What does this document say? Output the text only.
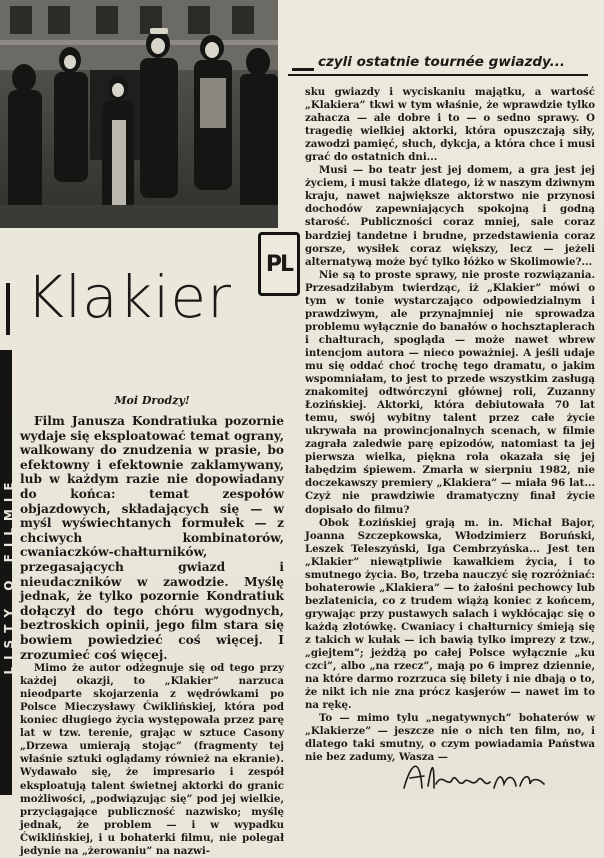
czyli ostatnie tournée gwiazdy...
PL
Klakier
LISTY O FILMIE
Moi Drodzy!

Film Janusza Kondratiuka pozornie wydaje się eksploatować temat ograny, walkowany do znudzenia w prasie, bo efektowny i efektownie zaklamywany, lub w każdym razie nie dopowiadany do końca: temat zespołów objazdowych, składających się — w myśl wyświechtanych formułek — z chciwych kombinatorów, cwaniaczków-chałturników, przegasających gwiazd i nieudaczników w zawodzie. Myślę jednak, że tylko pozornie Kondratiuk dołączył do tego chóru wygodnych, beztroskich opinii, jego film stara się bowiem powiedzieć coś więcej. I zrozumieć coś więcej.

Mimo że autor odżegnuje się od tego przy każdej okazji, to „Klakier” narzuca nieodparte skojarzenia z wędrówkami po Polsce Mieczysławy Ćwiklińskiej, która pod koniec długiego życia występowała przez parę lat w tzw. terenie, grając w sztuce Casony „Drzewa umierają stojąc” (fragmenty tej właśnie sztuki oglądamy również na ekranie). Wydawało się, że impresario i zespół eksploatują talent świetnej aktorki do granic możliwości, „podwiązując się” pod jej wielkie, przyciągające publiczność nazwisko; myślę jednak, że problem — i w wypadku Ćwiklińskiej, i u bohaterki filmu, nie polegał jedynie na „żerowaniu” na nazwi-

sku gwiazdy i wyciskaniu majątku, a wartość „Klakiera” tkwi w tym właśnie, że wprawdzie tylko zahacza — ale dobre i to — o sedno sprawy. O tragedię wielkiej aktorki, która opuszczają siły, zawodzi pamięć, słuch, dykcja, a która chce i musi grać do ostatnich dni...

Musi — bo teatr jest jej domem, a gra jest jej życiem, i musi także dlatego, iż w naszym dziwnym kraju, nawet największe aktorstwo nie przynosi dochodów zapewniających spokojną i godną starość. Publiczności coraz mniej, sale coraz bardziej tandetne i brudne, przedstawienia coraz gorsze, wysiłek coraz większy, lecz — jeżeli alternatywą może być tylko łóżko w Skolimowie?...

Nie są to proste sprawy, nie proste rozwiązania. Przesadziłabym twierdząc, iż „Klakier” mówi o tym w tonie wystarczająco odpowiedzialnym i prawdziwym, ale przynajmniej nie sprowadza problemu wyłącznie do banałów o hochsztaplerach i chałturach, spogląda — może nawet wbrew intencjom autora — nieco poważniej. A jeśli udaje mu się oddać choć trochę tego dramatu, o jakim wspomniałam, to jest to przede wszystkim zasługą znakomitej odtwórczyni głównej roli, Zuzanny Łozińskiej. Aktorki, która debiutowała 70 lat temu, swój wybitny talent przez całe życie ukrywała na prowincjonalnych scenach, w filmie zagrała zaledwie parę epizodów, natomiast ta jej pierwsza wielka, piękna rola okazała się jej łabędzim śpiewem. Zmarła w sierpniu 1982, nie doczekawszy premiery „Klakiera” — miała 96 lat... Czyż nie prawdziwie dramatyczny finał życie dopisało do filmu?

Obok Łozińskiej grają m. in. Michał Bajor, Joanna Szczepkowska, Włodzimierz Boruński, Leszek Teleszyński, Iga Cembrzyńska... Jest ten „Klakier” niewątpliwie kawałkiem życia, i to smutnego życia. Bo, trzeba nauczyć się rozróżniać: bohaterowie „Klakiera” — to żałośni pechowcy lub bezlatenicia, co z trudem wiążą koniec z końcem, grywając przy pustawych salach i wykłócając się o każdą złotówkę. Cwaniacy i chałturnicy śmieją się z takich w kułak — ich bawią tylko imprezy z tzw., „giejtem”; jeżdżą po całej Polsce wyłącznie „ku czci”, albo „na rzecz”, mają po 6 imprez dziennie, na które darmo rozrzuca się bilety i nie dbają o to, że nikt ich nie zna prócz kasjerów — nawet im to na rękę.

To — mimo tylu „negatywnych” bohaterów w „Klakierze” — jeszcze nie o nich ten film, no, i dlatego taki smutny, o czym powiadamia Państwa nie bez zadumy, Wasza —
